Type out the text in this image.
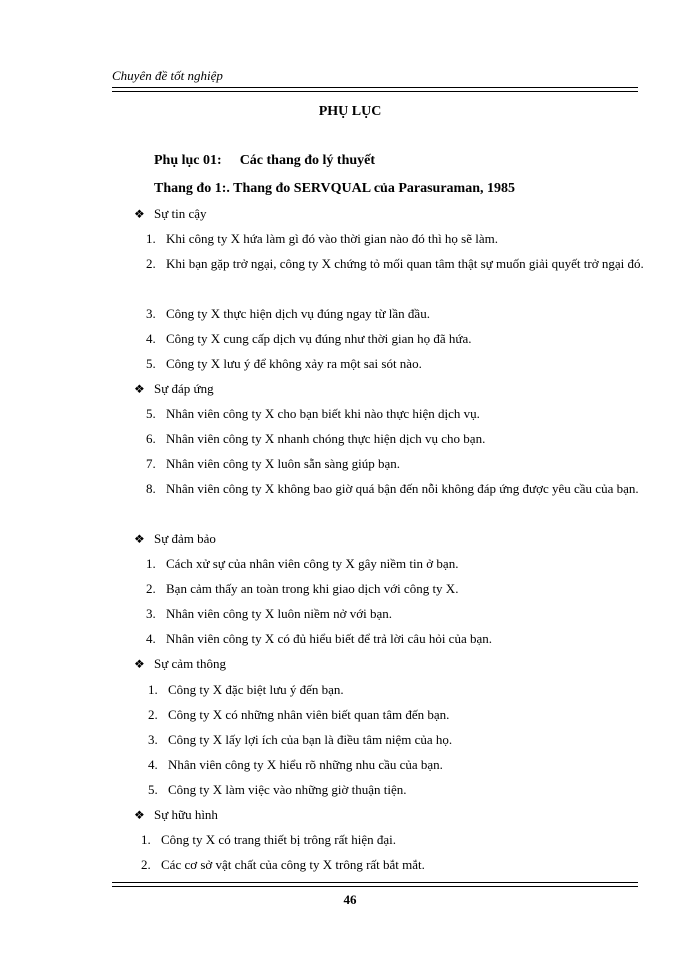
Chuyên đề tốt nghiệp
PHỤ LỤC
Phụ lục 01: Các thang đo lý thuyết
Thang đo 1:. Thang đo SERVQUAL của Parasuraman, 1985
❖ Sự tin cậy
1. Khi công ty X hứa làm gì đó vào thời gian nào đó thì họ sẽ làm.
2. Khi bạn gặp trở ngại, công ty X chứng tỏ mối quan tâm thật sự muốn giải quyết trở ngại đó.
3. Công ty X thực hiện dịch vụ đúng ngay từ lần đầu.
4. Công ty X cung cấp dịch vụ đúng như thời gian họ đã hứa.
5. Công ty X lưu ý để không xảy ra một sai sót nào.
❖ Sự đáp ứng
5. Nhân viên công ty X cho bạn biết khi nào thực hiện dịch vụ.
6. Nhân viên công ty X nhanh chóng thực hiện dịch vụ cho bạn.
7. Nhân viên công ty X luôn sẵn sàng giúp bạn.
8. Nhân viên công ty X không bao giờ quá bận đến nỗi không đáp ứng được yêu cầu của bạn.
❖ Sự đảm bảo
1. Cách xử sự của nhân viên công ty X gây niềm tin ở bạn.
2. Bạn cảm thấy an toàn trong khi giao dịch với công ty X.
3. Nhân viên công ty X luôn niềm nở với bạn.
4. Nhân viên công ty X có đủ hiểu biết để trả lời câu hỏi của bạn.
❖ Sự cảm thông
1. Công ty X đặc biệt lưu ý đến bạn.
2. Công ty X có những nhân viên biết quan tâm đến bạn.
3. Công ty X lấy lợi ích của bạn là điều tâm niệm của họ.
4. Nhân viên công ty X hiểu rõ những nhu cầu của bạn.
5. Công ty X làm việc vào những giờ thuận tiện.
❖ Sự hữu hình
1. Công ty X có trang thiết bị trông rất hiện đại.
2. Các cơ sở vật chất của công ty X trông rất bắt mắt.
46
